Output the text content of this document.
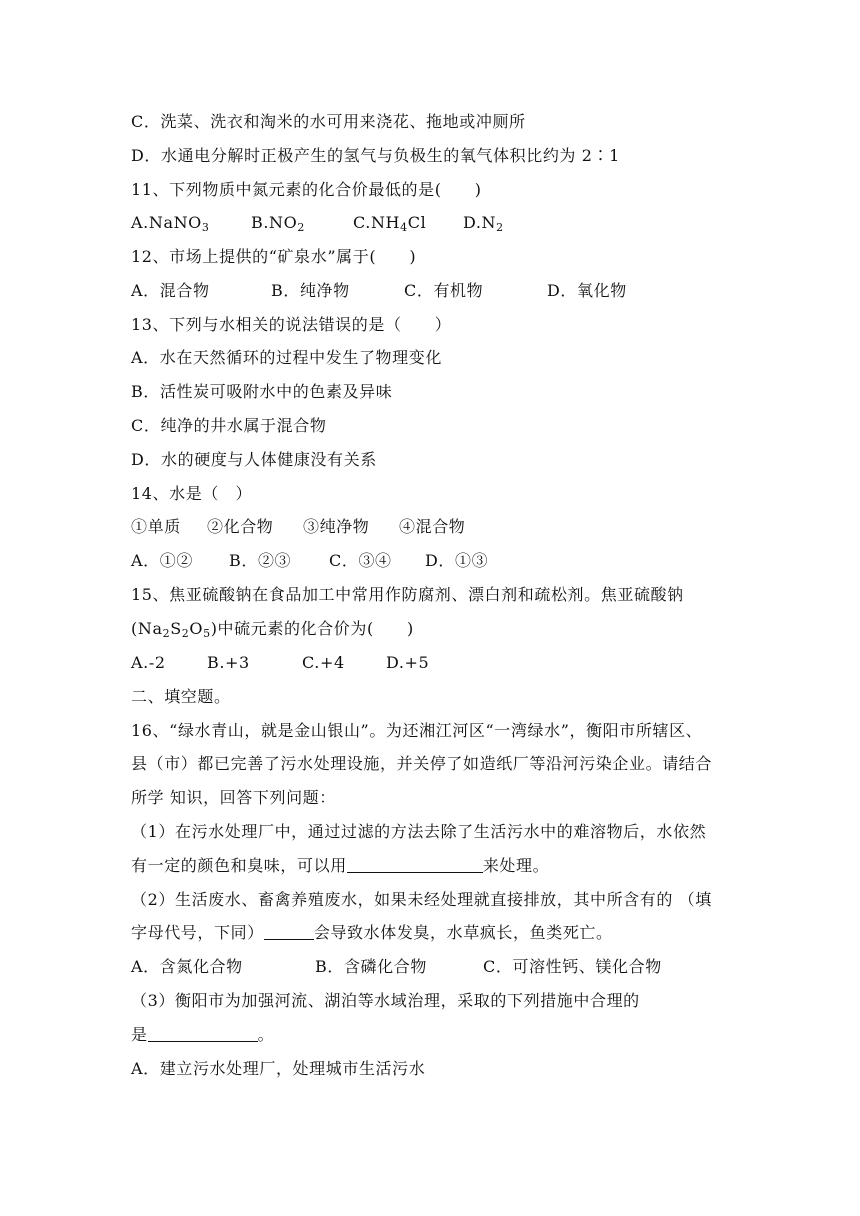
C．洗菜、洗衣和淘米的水可用来浇花、拖地或冲厕所
D．水通电分解时正极产生的氢气与负极生的氧气体积比约为 2∶1
11、下列物质中氮元素的化合价最低的是(　　)
A.NaNO$_3$	$B.NO_2$	$C.NH_4Cl$ $D.N_2$
12、市场上提供的“矿泉水”属于(　　)
A．混合物	B．纯净物	C．有机物	D．氧化物
13、下列与水相关的说法错误的是（　　）
A．水在天然循环的过程中发生了物理变化
B．活性炭可吸附水中的色素及异味
C．纯净的井水属于混合物
D．水的硬度与人体健康没有关系
14、水是（　）
①单质 ②化合物 ③纯净物 ④混合物
A．①② B．②③ C．③④ D．①③
15、焦亚硫酸钠在食品加工中常用作防腐剂、漂白剂和疏松剂。焦亚硫酸钠
$(Na_2S_2O_5)$中硫元素的化合价为(　　)
A.-2	B.+3	C.+4	D.+5
二、填空题。
16、“绿水青山，就是金山银山”。为还湘江河区“一湾绿水”，衡阳市所辖区、
县（市）都已完善了污水处理设施，并关停了如造纸厂等沿河污染企业。请结合
所学 知识，回答下列问题：
（1）在污水处理厂中，通过过滤的方法去除了生活污水中的难溶物后，水依然
有一定的颜色和臭味，可以用	来处理。
（2）生活废水、畜禽养殖废水，如果未经处理就直接排放，其中所含有的 （填
字母代号，下同）	会导致水体发臭，水草疯长，鱼类死亡。
A．含氮化合物	B．含磷化合物	C．可溶性钙、镁化合物
（3）衡阳市为加强河流、湖泊等水域治理，采取的下列措施中合理的
是	。
A．建立污水处理厂，处理城市生活污水
